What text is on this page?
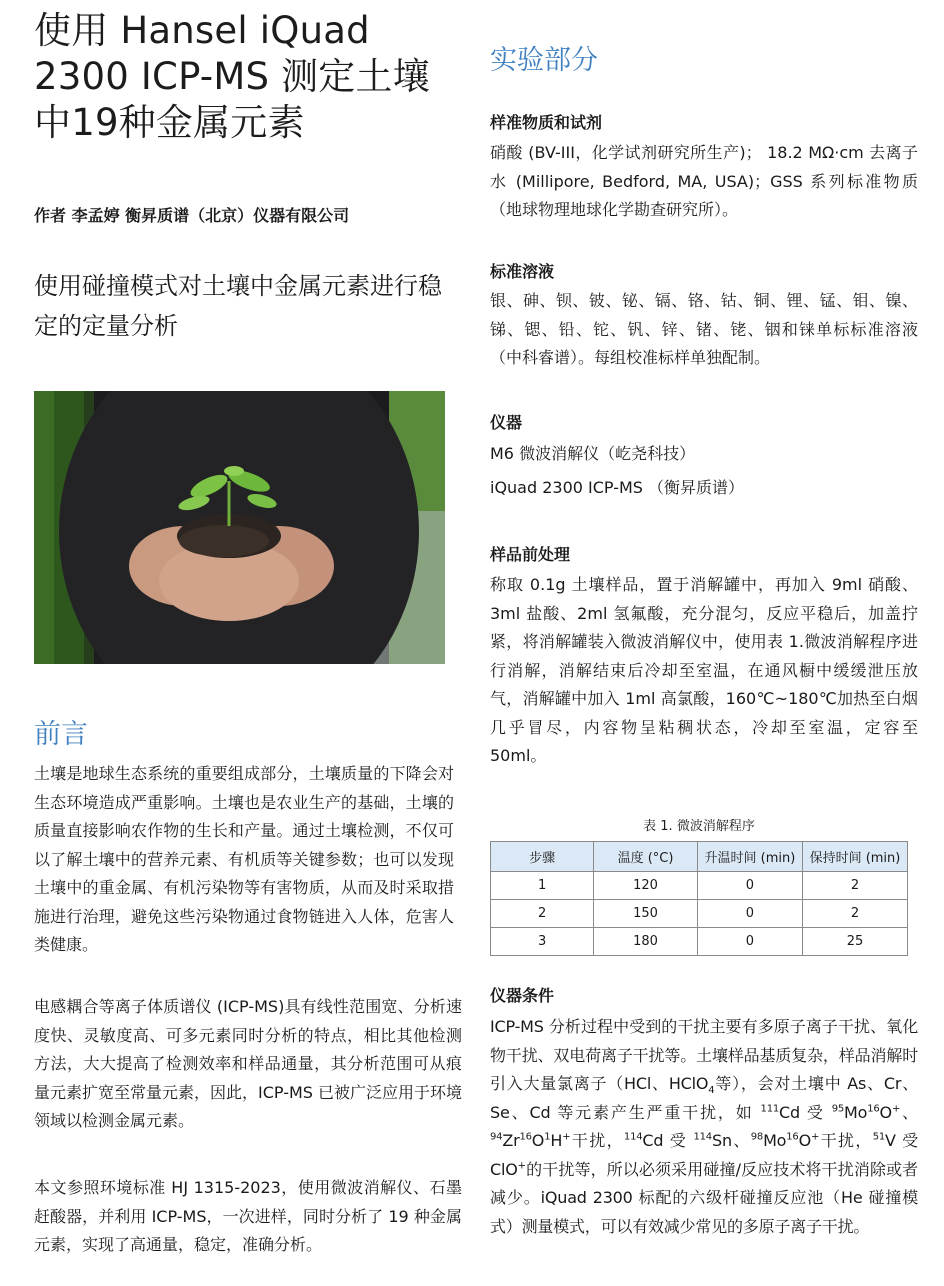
使用 Hansel iQuad 2300 ICP-MS 测定土壤中19种金属元素

作者 李孟婷 衡昇质谱（北京）仪器有限公司

使用碰撞模式对土壤中金属元素进行稳定的定量分析
前言

土壤是地球生态系统的重要组成部分，土壤质量的下降会对生态环境造成严重影响。土壤也是农业生产的基础，土壤的质量直接影响农作物的生长和产量。通过土壤检测，不仅可以了解土壤中的营养元素、有机质等关键参数；也可以发现土壤中的重金属、有机污染物等有害物质，从而及时采取措施进行治理，避免这些污染物通过食物链进入人体，危害人类健康。

电感耦合等离子体质谱仪 (ICP-MS)具有线性范围宽、分析速度快、灵敏度高、可多元素同时分析的特点，相比其他检测方法，大大提高了检测效率和样品通量，其分析范围可从痕量元素扩宽至常量元素，因此，ICP-MS 已被广泛应用于环境领域以检测金属元素。

本文参照环境标准 HJ 1315-2023，使用微波消解仪、石墨赶酸器，并利用 ICP-MS，一次进样，同时分析了 19 种金属元素，实现了高通量，稳定，准确分析。

实验部分

样准物质和试剂

硝酸 (BV-III，化学试剂研究所生产)； 18.2 MΩ·cm 去离子水 (Millipore, Bedford, MA, USA)；GSS 系列标准物质（地球物理地球化学勘查研究所）。

标准溶液

银、砷、钡、铍、铋、镉、铬、钴、铜、锂、锰、钼、镍、锑、锶、铅、铊、钒、锌、锗、铑、铟和铼单标标准溶液（中科睿谱）。每组校准标样单独配制。

仪器

M6 微波消解仪（屹尧科技）

iQuad 2300 ICP-MS （衡昇质谱）

样品前处理

称取 0.1g 土壤样品，置于消解罐中，再加入 9ml 硝酸、3ml 盐酸、2ml 氢氟酸，充分混匀，反应平稳后，加盖拧紧，将消解罐装入微波消解仪中，使用表 1.微波消解程序进行消解，消解结束后冷却至室温，在通风橱中缓缓泄压放气，消解罐中加入 1ml 高氯酸，160℃~180℃加热至白烟几乎冒尽，内容物呈粘稠状态，冷却至室温，定容至 50ml。

表 1. 微波消解程序
步骤	温度 (°C)	升温时间 (min)	保持时间 (min)
1	120	0	2
2	150	0	2
3	180	0	25

仪器条件

ICP-MS 分析过程中受到的干扰主要有多原子离子干扰、氧化物干扰、双电荷离子干扰等。土壤样品基质复杂，样品消解时引入大量氯离子（HCl、HClO$_4$等），会对土壤中 As、Cr、Se、Cd 等元素产生严重干扰，如 $^{111}$Cd 受 $^{95}$Mo$^{16}$O+、$^{94}Zr^{16}O^1H^+$干扰，$^{114}$Cd 受 $^{114}$Sn、$^{98}$Mo$^{16}$O+干扰，$^{51}$V 受 ClO+的干扰等，所以必须采用碰撞/反应技术将干扰消除或者减少。iQuad 2300 标配的六级杆碰撞反应池（He 碰撞模式）测量模式，可以有效减少常见的多原子离子干扰。
